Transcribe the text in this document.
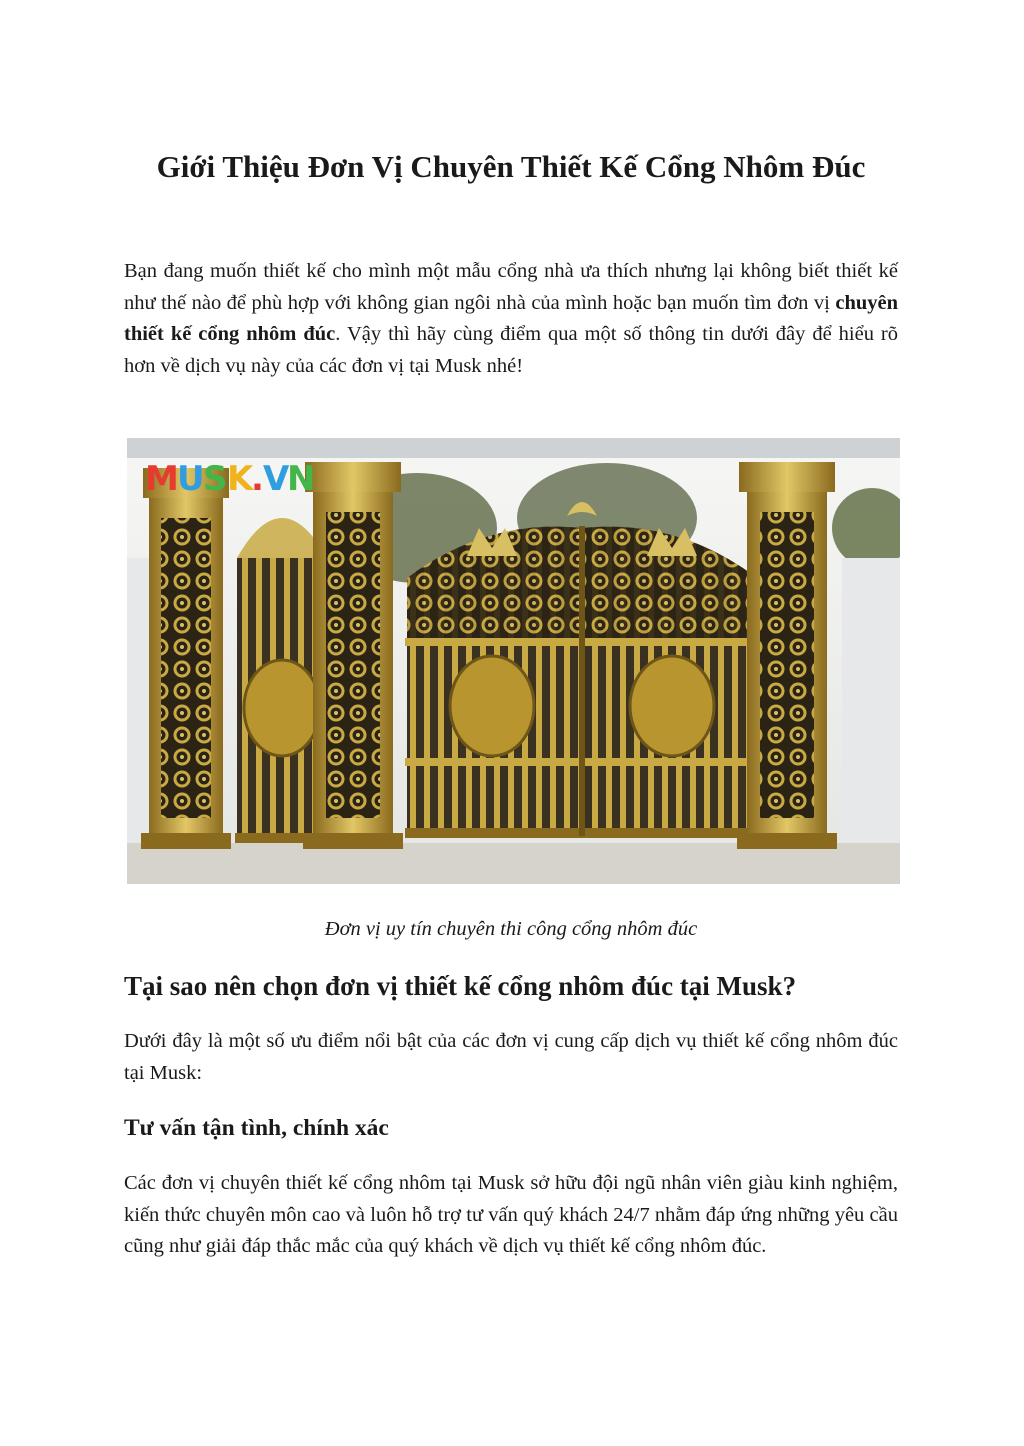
Giới Thiệu Đơn Vị Chuyên Thiết Kế Cổng Nhôm Đúc

Bạn đang muốn thiết kế cho mình một mẫu cổng nhà ưa thích nhưng lại không biết thiết kế như thế nào để phù hợp với không gian ngôi nhà của mình hoặc bạn muốn tìm đơn vị chuyên thiết kế cổng nhôm đúc. Vậy thì hãy cùng điểm qua một số thông tin dưới đây để hiểu rõ hơn về dịch vụ này của các đơn vị tại Musk nhé!

M
U
S K
. V
N

Đơn vị uy tín chuyên thi công cổng nhôm đúc

Tại sao nên chọn đơn vị thiết kế cổng nhôm đúc tại Musk?

Dưới đây là một số ưu điểm nổi bật của các đơn vị cung cấp dịch vụ thiết kế cổng nhôm đúc tại Musk:

Tư vấn tận tình, chính xác

Các đơn vị chuyên thiết kế cổng nhôm tại Musk sở hữu đội ngũ nhân viên giàu kinh nghiệm, kiến thức chuyên môn cao và luôn hỗ trợ tư vấn quý khách 24/7 nhằm đáp ứng những yêu cầu cũng như giải đáp thắc mắc của quý khách về dịch vụ thiết kế cổng nhôm đúc.
